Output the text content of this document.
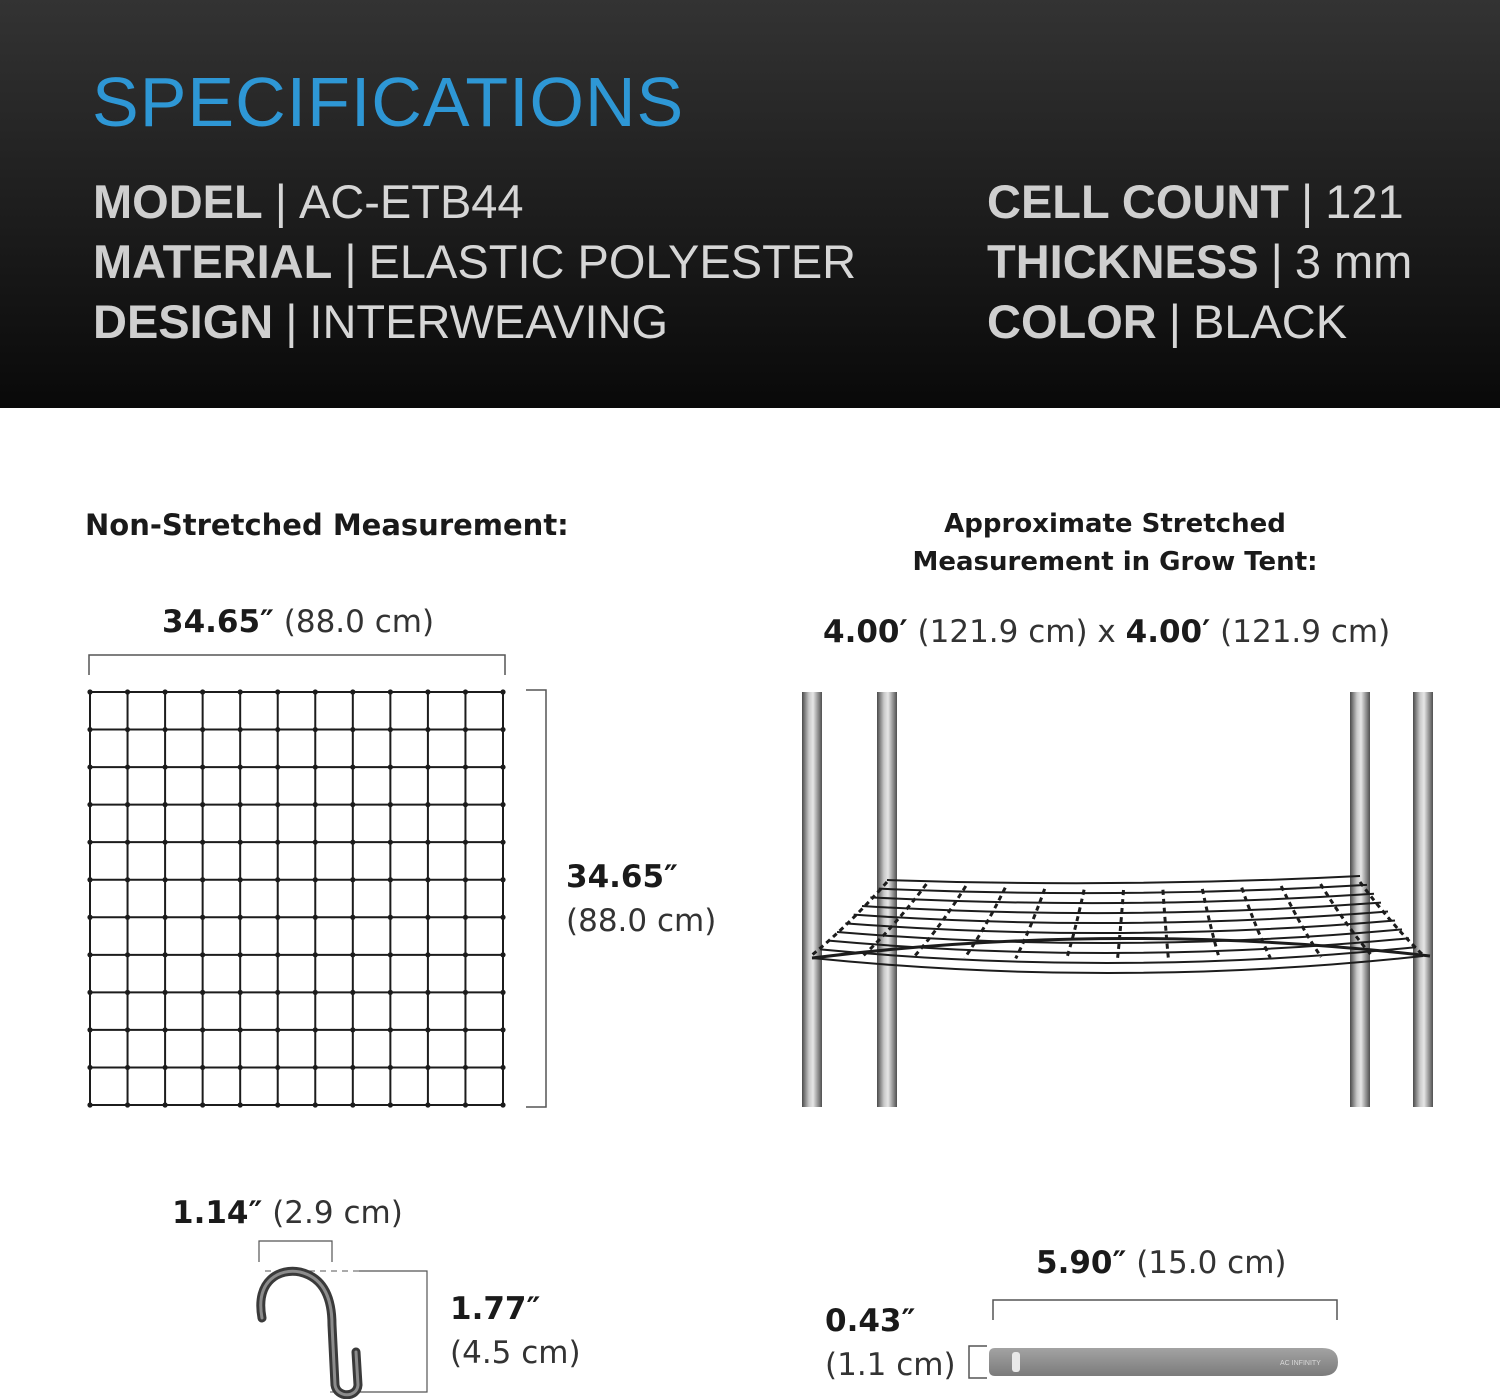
SPECIFICATIONS
MODEL | AC-ETB44
MATERIAL | ELASTIC POLYESTER
DESIGN | INTERWEAVING
CELL COUNT | 121
THICKNESS | 3 mm
COLOR | BLACK
Non-Stretched Measurement:	Approximate Stretched
Measurement in Grow Tent:
34.65″ (88.0 cm)
34.65″
(88.0 cm)
4.00′ (121.9 cm) x 4.00′ (121.9 cm)
1.14″ (2.9 cm)
1.77″
(4.5 cm)
5.90″ (15.0 cm)
0.43″
(1.1 cm)	AC INFINITY
